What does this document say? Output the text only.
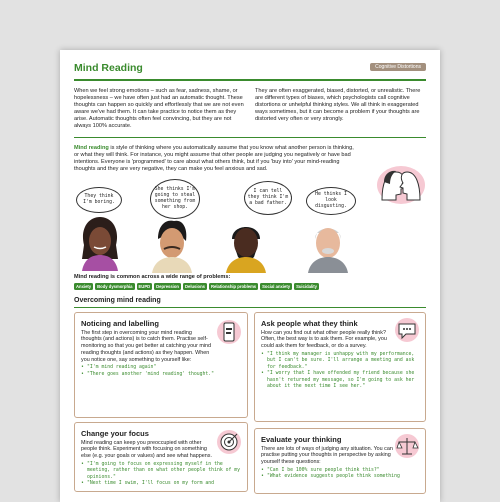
Mind Reading	Cognitive Distortions

When we feel strong emotions – such as fear, sadness, shame, or hopelessness – we have often just had an automatic thought. These thoughts can happen so quickly and effortlessly that we are not even aware we've had them. It can take practice to notice them as they arise. Automatic thoughts often feel convincing, but they are not always 100% accurate.

They are often exaggerated, biased, distorted, or unrealistic. There are different types of biases, which psychologists call cognitive distortions or unhelpful thinking styles. We all think in exaggerated ways sometimes, but it can become a problem if your thoughts are distorted very often or very strongly.

Mind reading is style of thinking where you automatically assume that you know what another person is thinking, or what they will think. For instance, you might assume that other people are judging you negatively or have bad intentions. Everyone is 'programmed' to care about what others think, but if you 'buy into' your mind-reading thoughts and they are very negative, they can make you feel anxious and sad.
They think I'm boring.
She thinks I'm going to steal something from her shop.
I can tell they think I'm a bad father.
He thinks I look disgusting.
Mind reading is common across a wide range of problems:
Anxiety	Body dysmorphia	EUPD	Depression	Delusions	Relationship problems	Social anxiety	Suicidality
Overcoming mind reading
Noticing and labelling

The first step in overcoming your mind reading thoughts (and actions) is to catch them. Practise self-monitoring so that you get better at catching your mind reading thoughts (and actions) as they happen. When you notice one, say something to yourself like:

• "I'm mind reading again"
• "There goes another 'mind reading' thought."
Ask people what they think

How can you find out what other people really think? Often, the best way is to ask them. For example, you could ask them for feedback, or do a survey.

• "I think my manager is unhappy with my performance, but I can't be sure. I'll arrange a meeting and ask for feedback."
• "I worry that I have offended my friend because she hasn't returned my message, so I'm going to ask her about it the next time I see her."
Change your focus

Mind reading can keep you preoccupied with other people think. Experiment with focusing on something else (e.g. your goals or values) and see what happens.

• "I'm going to focus on expressing myself in the meeting, rather than on what other people think of my opinions."
• "Next time I swim, I'll focus on my form and
Evaluate your thinking

There are lots of ways of judging any situation. You can practise putting your thoughts in perspective by asking yourself these questions:

• "Can I be 100% sure people think this?"
• "What evidence suggests people think something
